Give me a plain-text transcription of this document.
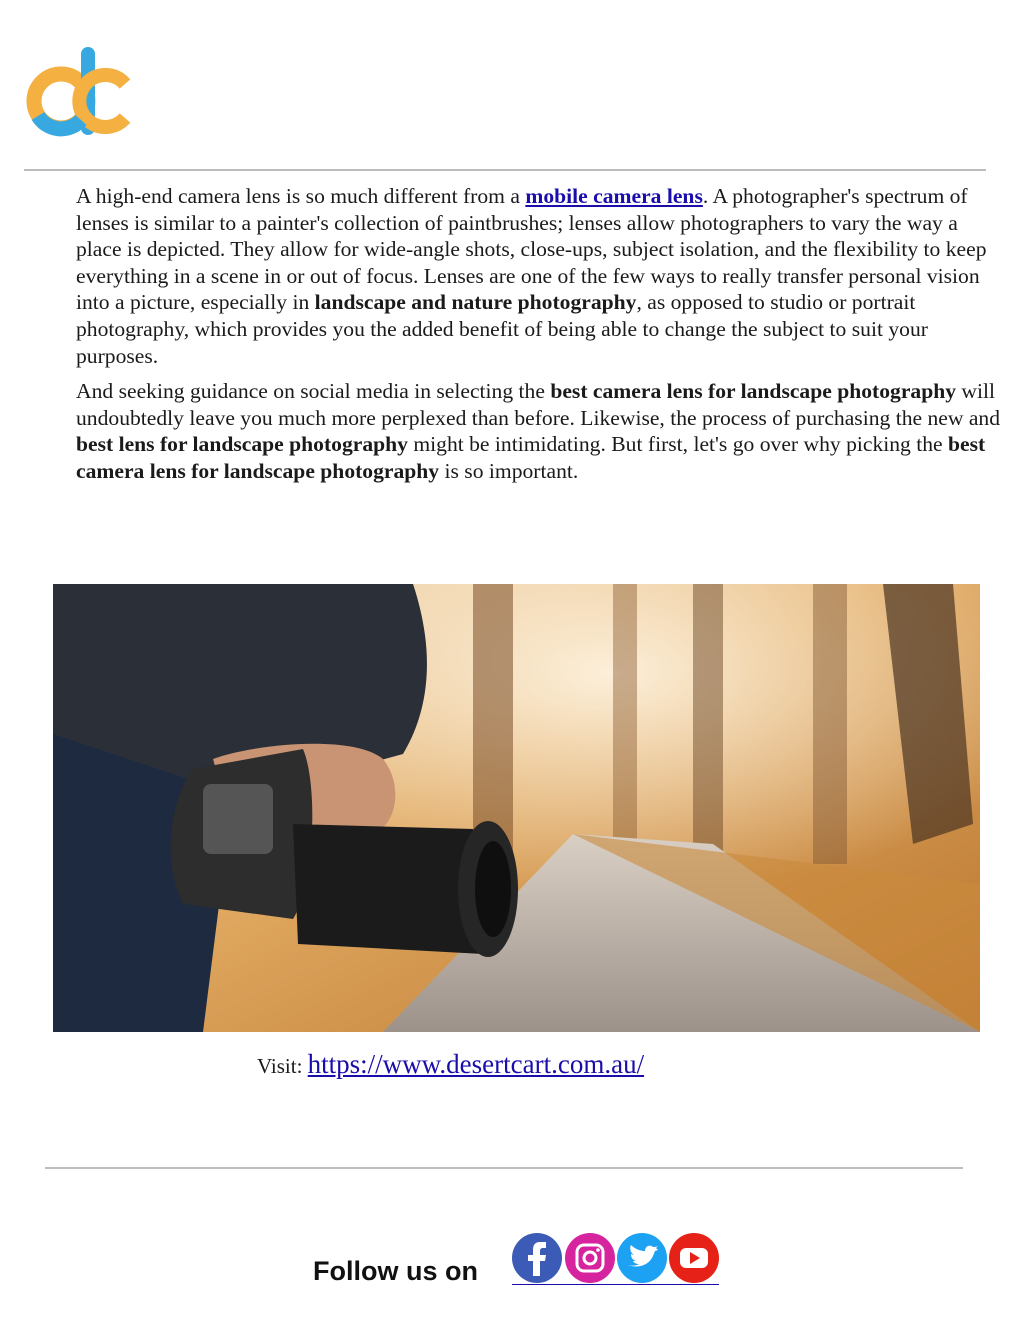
A high-end camera lens is so much different from a mobile camera lens. A photographer's spectrum of lenses is similar to a painter's collection of paintbrushes; lenses allow photographers to vary the way a place is depicted. They allow for wide-angle shots, close-ups, subject isolation, and the flexibility to keep everything in a scene in or out of focus. Lenses are one of the few ways to really transfer personal vision into a picture, especially in landscape and nature photography, as opposed to studio or portrait photography, which provides you the added benefit of being able to change the subject to suit your purposes.

And seeking guidance on social media in selecting the best camera lens for landscape photography will undoubtedly leave you much more perplexed than before. Likewise, the process of purchasing the new and best lens for landscape photography might be intimidating. But first, let's go over why picking the best camera lens for landscape photography is so important.

Visit: https://www.desertcart.com.au/
Follow us on
